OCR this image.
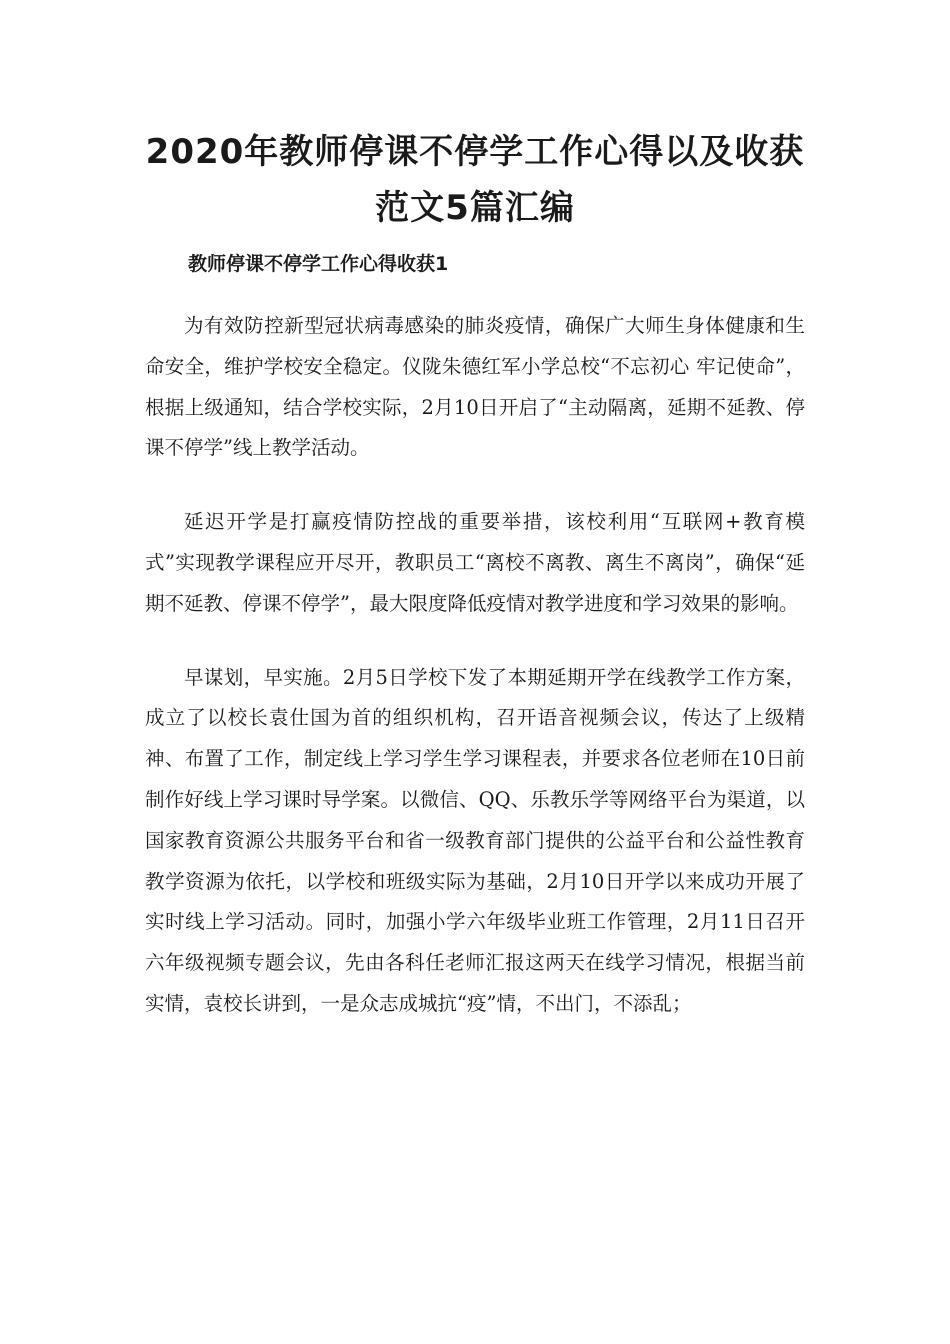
2020年教师停课不停学工作心得以及收获
范文5篇汇编
教师停课不停学工作心得收获1

为有效防控新型冠状病毒感染的肺炎疫情，确保广大师生身体健康和生命安全，维护学校安全稳定。仪陇朱德红军小学总校“不忘初心 牢记使命”，根据上级通知，结合学校实际，2月10日开启了“主动隔离，延期不延教、停课不停学”线上教学活动。

延迟开学是打赢疫情防控战的重要举措，该校利用“互联网+教育模式”实现教学课程应开尽开，教职员工“离校不离教、离生不离岗”，确保“延期不延教、停课不停学”，最大限度降低疫情对教学进度和学习效果的影响。

早谋划，早实施。2月5日学校下发了本期延期开学在线教学工作方案，成立了以校长袁仕国为首的组织机构，召开语音视频会议，传达了上级精神、布置了工作，制定线上学习学生学习课程表，并要求各位老师在10日前制作好线上学习课时导学案。以微信、QQ、乐教乐学等网络平台为渠道，以国家教育资源公共服务平台和省一级教育部门提供的公益平台和公益性教育教学资源为依托，以学校和班级实际为基础，2月10日开学以来成功开展了实时线上学习活动。同时，加强小学六年级毕业班工作管理，2月11日召开六年级视频专题会议，先由各科任老师汇报这两天在线学习情况，根据当前实情，袁校长讲到，一是众志成城抗“疫”情，不出门，不添乱；
